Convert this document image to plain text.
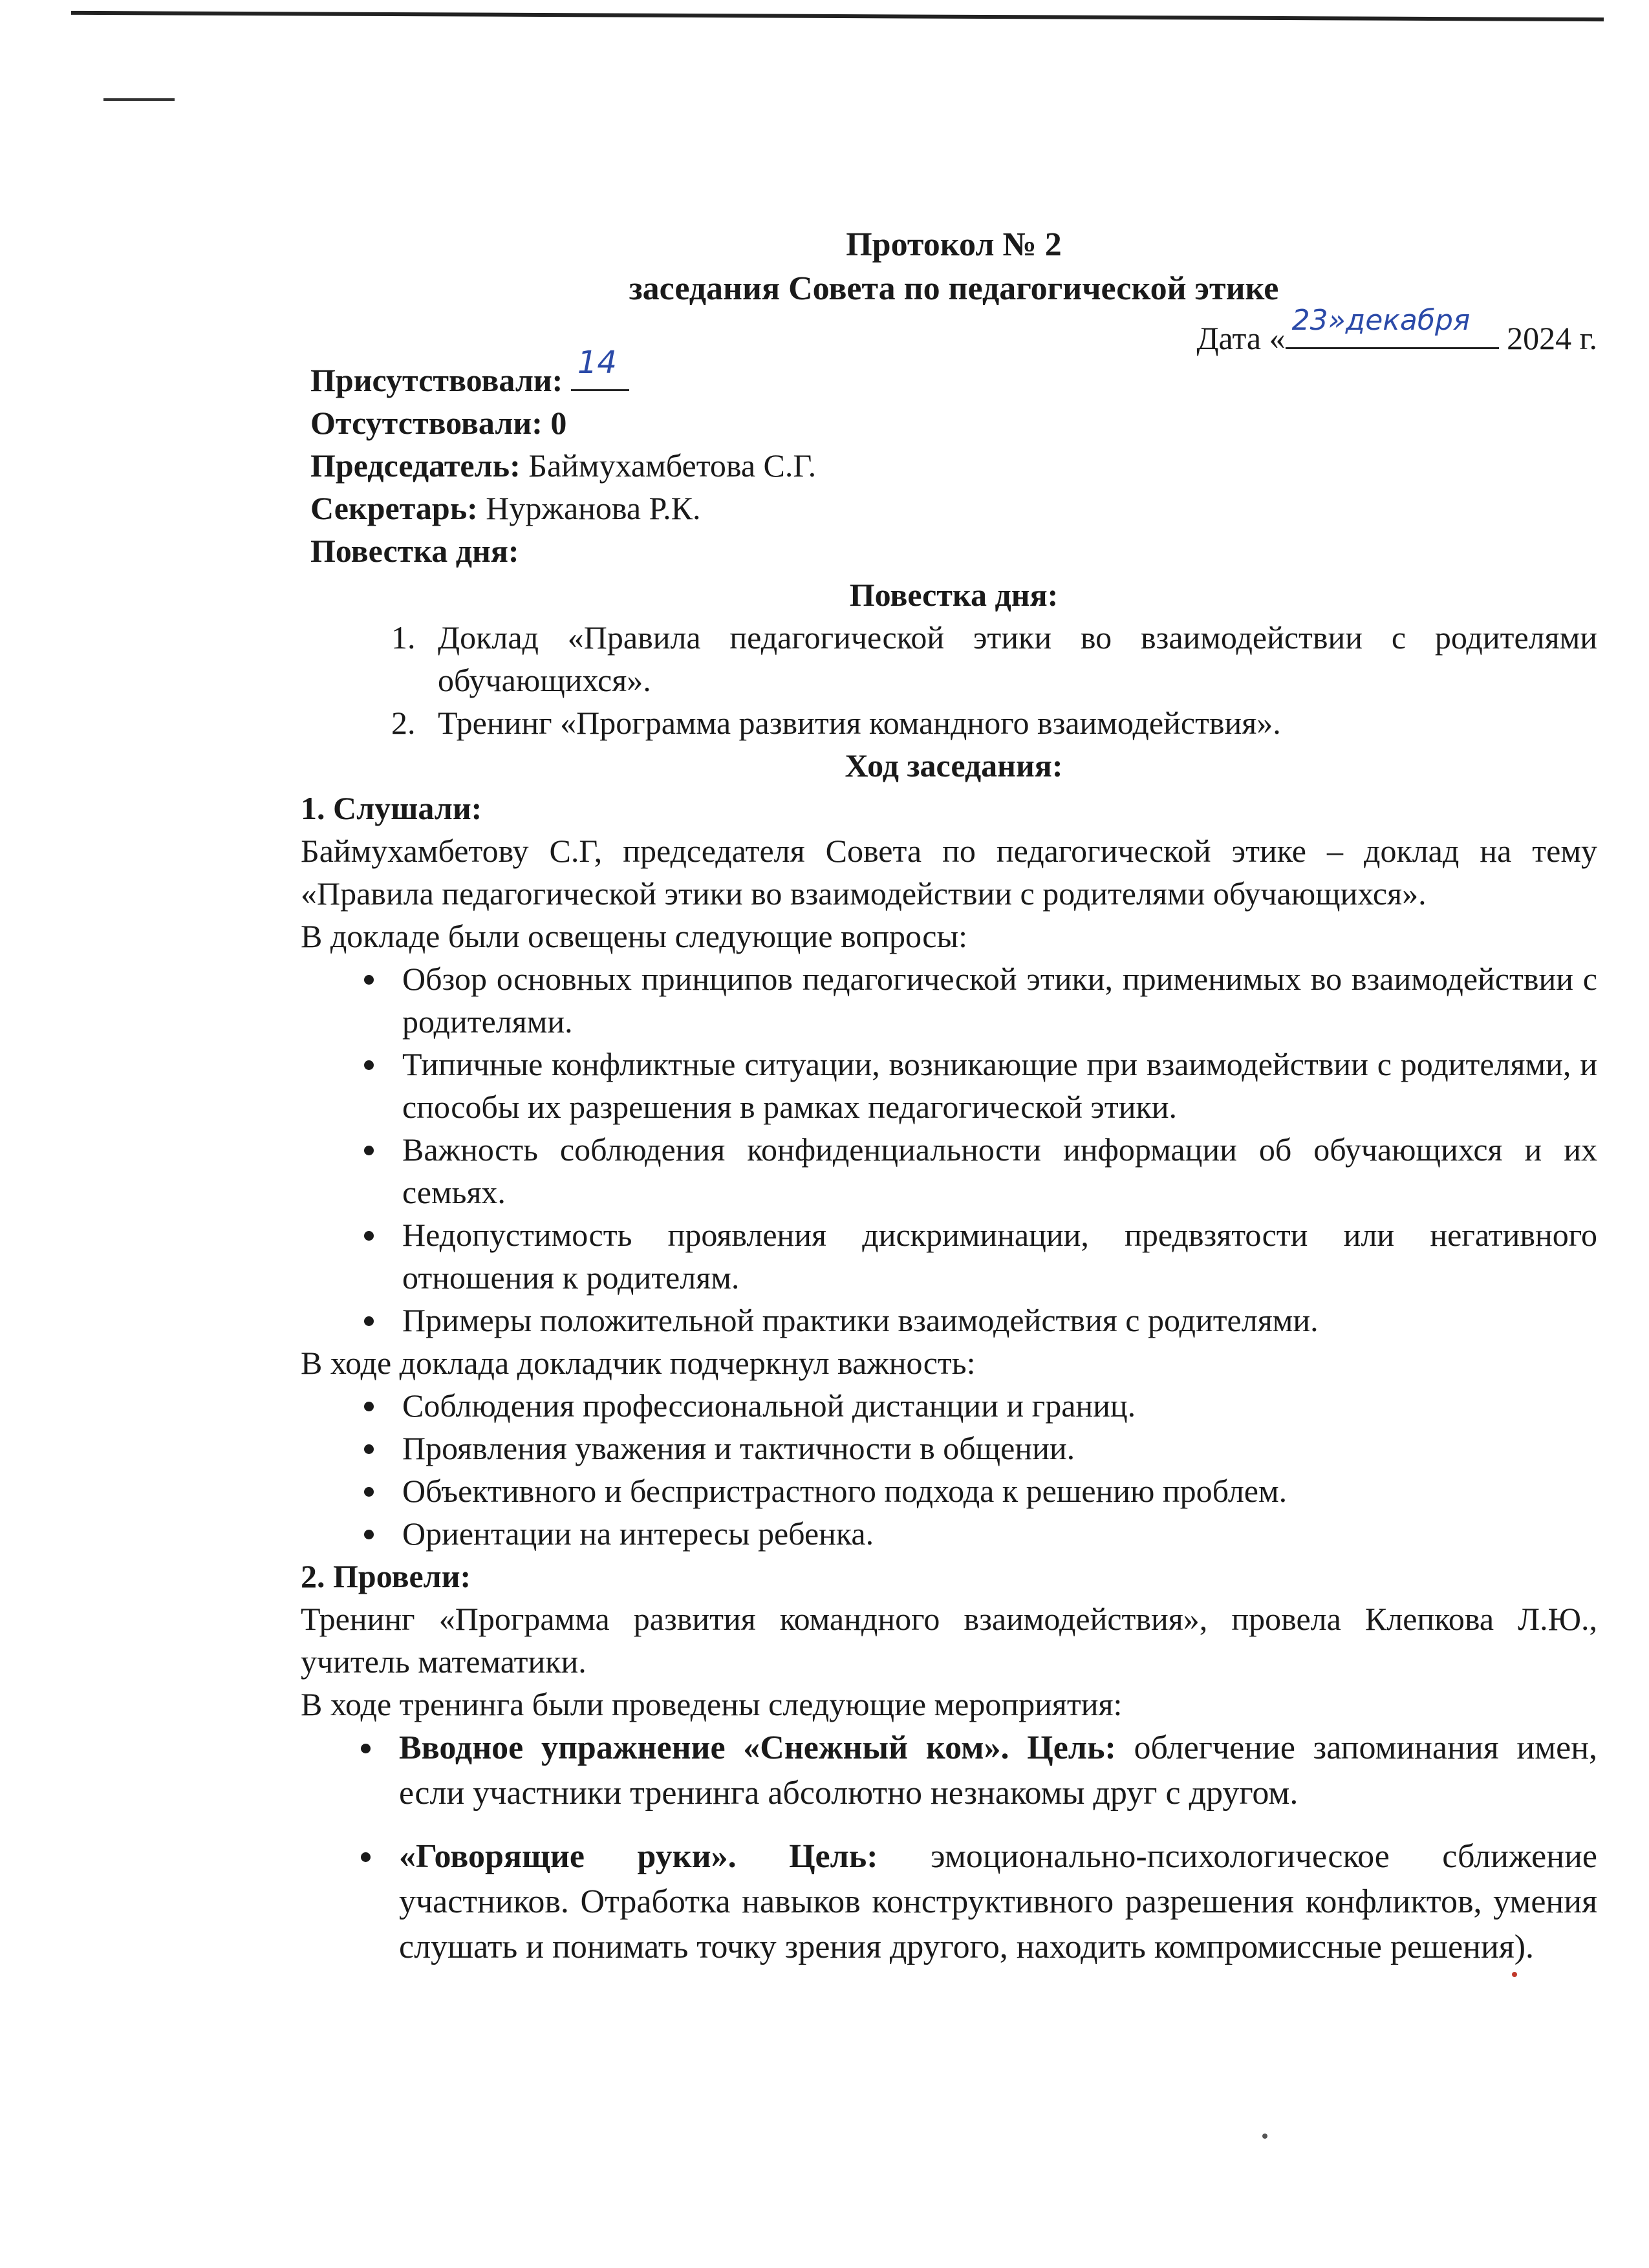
Протокол № 2
заседания Совета по педагогической этике
Дата « 23»декабря 2024 г.
Присутствовали: 14
Отсутствовали: 0
Председатель: Баймухамбетова С.Г.
Секретарь: Нуржанова Р.К.
Повестка дня:
Повестка дня:
1. Доклад «Правила педагогической этики во взаимодействии с родителями обучающихся».
2. Тренинг «Программа развития командного взаимодействия».
Ход заседания:
1. Слушали:
Баймухамбетову С.Г, председателя Совета по педагогической этике – доклад на тему «Правила педагогической этики во взаимодействии с родителями обучающихся».
В докладе были освещены следующие вопросы:
• Обзор основных принципов педагогической этики, применимых во взаимодействии с родителями.
• Типичные конфликтные ситуации, возникающие при взаимодействии с родителями, и способы их разрешения в рамках педагогической этики.
• Важность соблюдения конфиденциальности информации об обучающихся и их семьях.
• Недопустимость проявления дискриминации, предвзятости или негативного отношения к родителям.
• Примеры положительной практики взаимодействия с родителями.
В ходе доклада докладчик подчеркнул важность:
• Соблюдения профессиональной дистанции и границ.
• Проявления уважения и тактичности в общении.
• Объективного и беспристрастного подхода к решению проблем.
• Ориентации на интересы ребенка.
2. Провели:
Тренинг «Программа развития командного взаимодействия», провела Клепкова Л.Ю., учитель математики.
В ходе тренинга были проведены следующие мероприятия:
• Вводное упражнение «Снежный ком». Цель: облегчение запоминания имен, если участники тренинга абсолютно незнакомы друг с другом.
• «Говорящие руки». Цель: эмоционально-психологическое сближение участников. Отработка навыков конструктивного разрешения конфликтов, умения слушать и понимать точку зрения другого, находить компромиссные решения).
